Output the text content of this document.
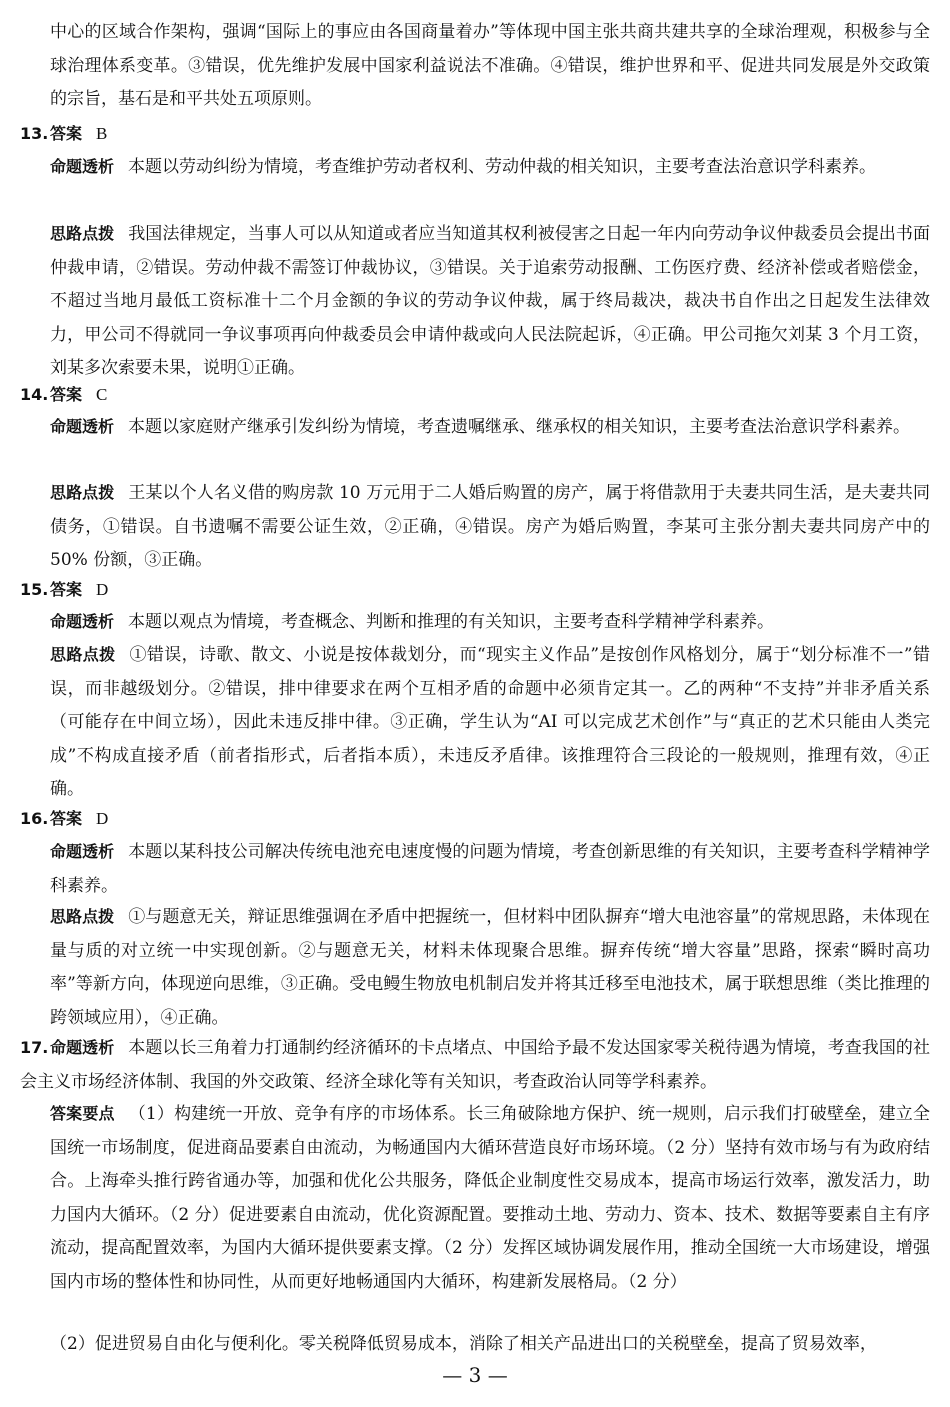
中心的区域合作架构，强调“国际上的事应由各国商量着办”等体现中国主张共商共建共享的全球治理观，积极参与全球治理体系变革。③错误，优先维护发展中国家利益说法不准确。④错误，维护世界和平、促进共同发展是外交政策的宗旨，基石是和平共处五项原则。
13. 答案 B
命题透析 本题以劳动纠纷为情境，考查维护劳动者权利、劳动仲裁的相关知识，主要考查法治意识学科素养。
思路点拨 我国法律规定，当事人可以从知道或者应当知道其权利被侵害之日起一年内向劳动争议仲裁委员会提出书面仲裁申请，②错误。劳动仲裁不需签订仲裁协议，③错误。关于追索劳动报酬、工伤医疗费、经济补偿或者赔偿金，不超过当地月最低工资标准十二个月金额的争议的劳动争议仲裁，属于终局裁决，裁决书自作出之日起发生法律效力，甲公司不得就同一争议事项再向仲裁委员会申请仲裁或向人民法院起诉，④正确。甲公司拖欠刘某 3 个月工资，刘某多次索要未果，说明①正确。
14. 答案 C
命题透析 本题以家庭财产继承引发纠纷为情境，考查遗嘱继承、继承权的相关知识，主要考查法治意识学科素养。
思路点拨 王某以个人名义借的购房款 10 万元用于二人婚后购置的房产，属于将借款用于夫妻共同生活，是夫妻共同债务，①错误。自书遗嘱不需要公证生效，②正确，④错误。房产为婚后购置，李某可主张分割夫妻共同房产中的 50% 份额，③正确。
15. 答案 D
命题透析 本题以观点为情境，考查概念、判断和推理的有关知识，主要考查科学精神学科素养。
思路点拨 ①错误，诗歌、散文、小说是按体裁划分，而“现实主义作品”是按创作风格划分，属于“划分标准不一”错误，而非越级划分。②错误，排中律要求在两个互相矛盾的命题中必须肯定其一。乙的两种“不支持”并非矛盾关系（可能存在中间立场），因此未违反排中律。③正确，学生认为“AI 可以完成艺术创作”与“真正的艺术只能由人类完成”不构成直接矛盾（前者指形式，后者指本质），未违反矛盾律。该推理符合三段论的一般规则，推理有效，④正确。
16. 答案 D
命题透析 本题以某科技公司解决传统电池充电速度慢的问题为情境，考查创新思维的有关知识，主要考查科学精神学科素养。
思路点拨 ①与题意无关，辩证思维强调在矛盾中把握统一，但材料中团队摒弃“增大电池容量”的常规思路，未体现在量与质的对立统一中实现创新。②与题意无关，材料未体现聚合思维。摒弃传统“增大容量”思路，探索“瞬时高功率”等新方向，体现逆向思维，③正确。受电鳗生物放电机制启发并将其迁移至电池技术，属于联想思维（类比推理的跨领域应用），④正确。
17. 命题透析 本题以长三角着力打通制约经济循环的卡点堵点、中国给予最不发达国家零关税待遇为情境，考查我国的社会主义市场经济体制、我国的外交政策、经济全球化等有关知识，考查政治认同等学科素养。
答案要点 （1）构建统一开放、竞争有序的市场体系。长三角破除地方保护、统一规则，启示我们打破壁垒，建立全国统一市场制度，促进商品要素自由流动，为畅通国内大循环营造良好市场环境。（2 分）坚持有效市场与有为政府结合。上海牵头推行跨省通办等，加强和优化公共服务，降低企业制度性交易成本，提高市场运行效率，激发活力，助力国内大循环。（2 分）促进要素自由流动，优化资源配置。要推动土地、劳动力、资本、技术、数据等要素自主有序流动，提高配置效率，为国内大循环提供要素支撑。（2 分）发挥区域协调发展作用，推动全国统一大市场建设，增强国内市场的整体性和协同性，从而更好地畅通国内大循环，构建新发展格局。（2 分）
（2）促进贸易自由化与便利化。零关税降低贸易成本，消除了相关产品进出口的关税壁垒，提高了贸易效率，
— 3 —
